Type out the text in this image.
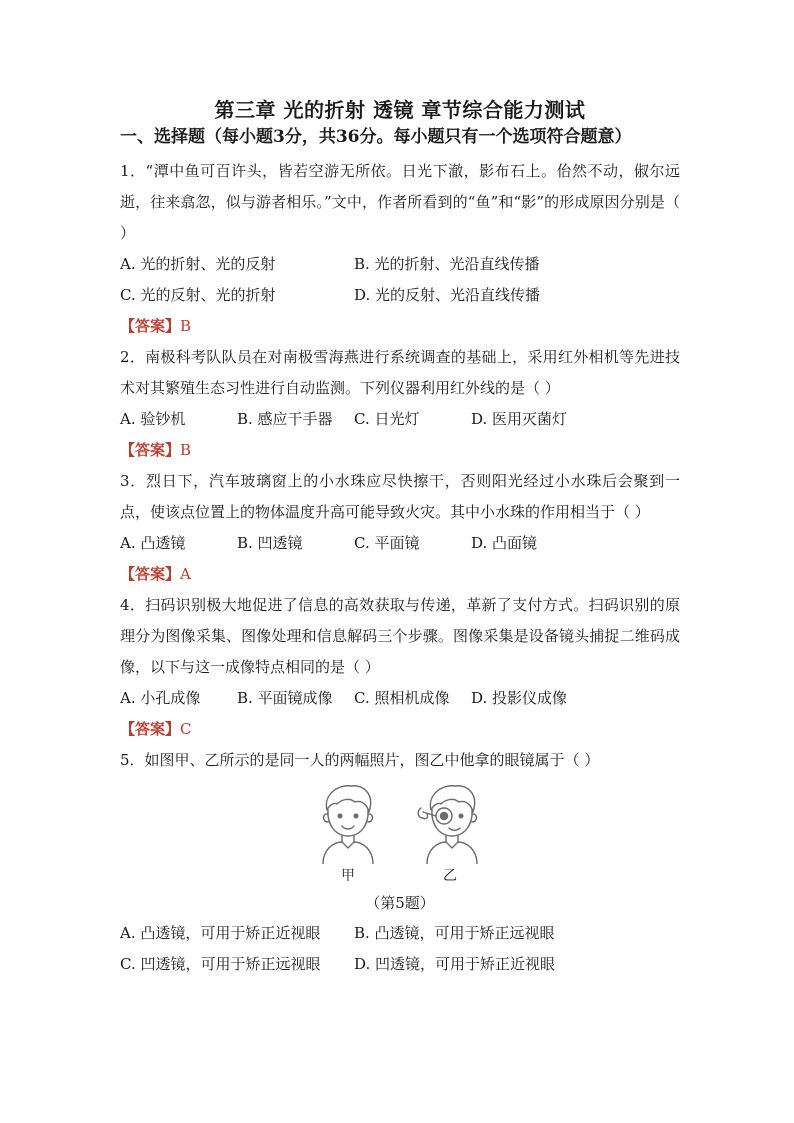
第三章 光的折射 透镜 章节综合能力测试
一、选择题（每小题3分，共36分。每小题只有一个选项符合题意）

1．“潭中鱼可百许头，皆若空游无所依。日光下澈，影布石上。佁然不动，俶尔远逝，往来翕忽，似与游者相乐。”文中，作者所看到的“鱼”和“影”的形成原因分别是（ ）

A. 光的折射、光的反射	B. 光的折射、光沿直线传播
C. 光的反射、光的折射	D. 光的反射、光沿直线传播
【答案】B

2．南极科考队队员在对南极雪海燕进行系统调查的基础上，采用红外相机等先进技术对其繁殖生态习性进行自动监测。下列仪器利用红外线的是（ ）

A. 验钞机	B. 感应干手器	C. 日光灯	D. 医用灭菌灯
【答案】B

3．烈日下，汽车玻璃窗上的小水珠应尽快擦干，否则阳光经过小水珠后会聚到一点，使该点位置上的物体温度升高可能导致火灾。其中小水珠的作用相当于（ ）

A. 凸透镜	B. 凹透镜	C. 平面镜	D. 凸面镜
【答案】A

4．扫码识别极大地促进了信息的高效获取与传递，革新了支付方式。扫码识别的原理分为图像采集、图像处理和信息解码三个步骤。图像采集是设备镜头捕捉二维码成像，以下与这一成像特点相同的是（ ）

A. 小孔成像	B. 平面镜成像	C. 照相机成像	D. 投影仪成像
【答案】C

5．如图甲、乙所示的是同一人的两幅照片，图乙中他拿的眼镜属于（ ）

甲	乙
（第5题）
A. 凸透镜，可用于矫正近视眼	B. 凸透镜，可用于矫正远视眼
C. 凹透镜，可用于矫正远视眼	D. 凹透镜，可用于矫正近视眼
